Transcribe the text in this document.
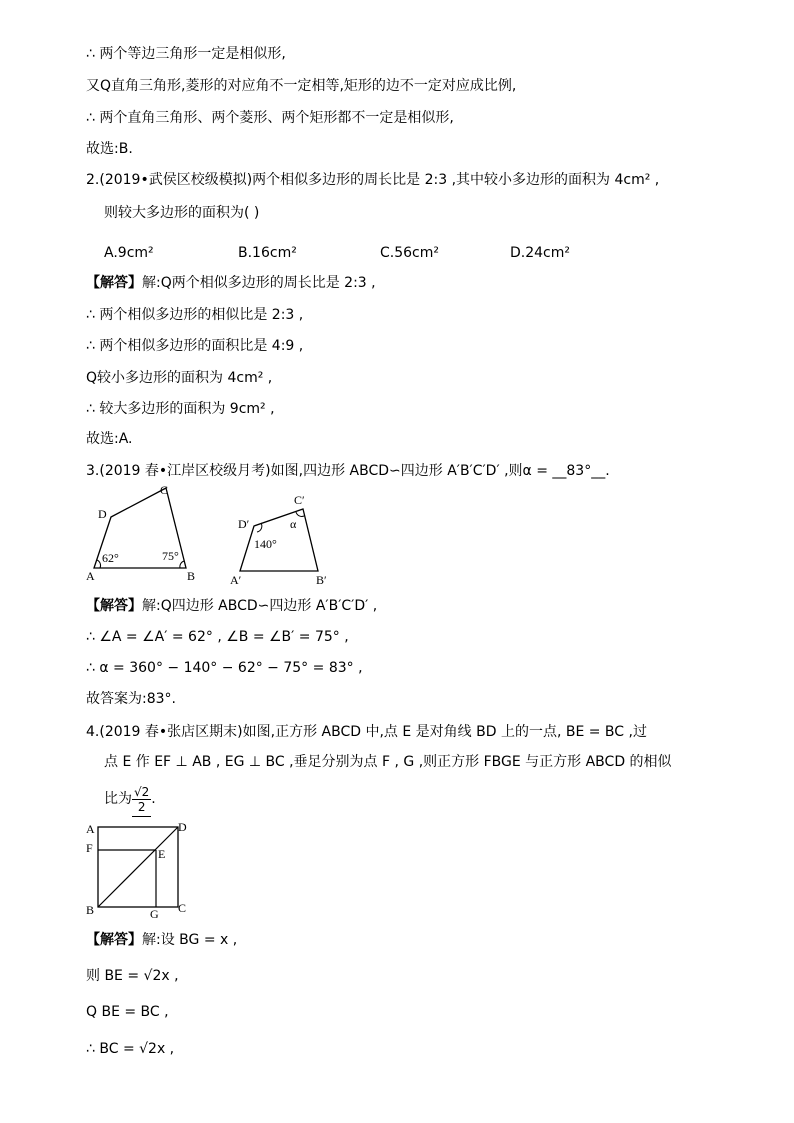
∴ 两个等边三角形一定是相似形,
又Q直角三角形,菱形的对应角不一定相等,矩形的边不一定对应成比例,
∴ 两个直角三角形、两个菱形、两个矩形都不一定是相似形,
故选:B.
2.(2019•武侯区校级模拟)两个相似多边形的周长比是 2:3 ,其中较小多边形的面积为 4cm² ,
则较大多边形的面积为( )
A.9cm²	B.16cm²	C.56cm²	D.24cm²
【解答】解:Q两个相似多边形的周长比是 2:3 ,
∴ 两个相似多边形的相似比是 2:3 ,
∴ 两个相似多边形的面积比是 4:9 ,
Q较小多边形的面积为 4cm² ,
∴ 较大多边形的面积为 9cm² ,
故选:A.
3.(2019 春•江岸区校级月考)如图,四边形 ABCD∽四边形 A′B′C′D′ ,则α = __83°__.
A	B
C
D
62°	75°
A′	B′
C′
D′
140°
α
【解答】解:Q四边形 ABCD∽四边形 A′B′C′D′ ,
∴ ∠A = ∠A′ = 62° , ∠B = ∠B′ = 75° ,
∴ α = 360° − 140° − 62° − 75° = 83° ,
故答案为:83°.
4.(2019 春•张店区期末)如图,正方形 ABCD 中,点 E 是对角线 BD 上的一点, BE = BC ,过
点 E 作 EF ⊥ AB , EG ⊥ BC ,垂足分别为点 F , G ,则正方形 FBGE 与正方形 ABCD 的相似
比为 $\frac{√2}{2}$ .
A
B	C
D
E
F
G
【解答】解:设 BG = x ,
则 BE = √2x ,
Q BE = BC ,
∴ BC = √2x ,
